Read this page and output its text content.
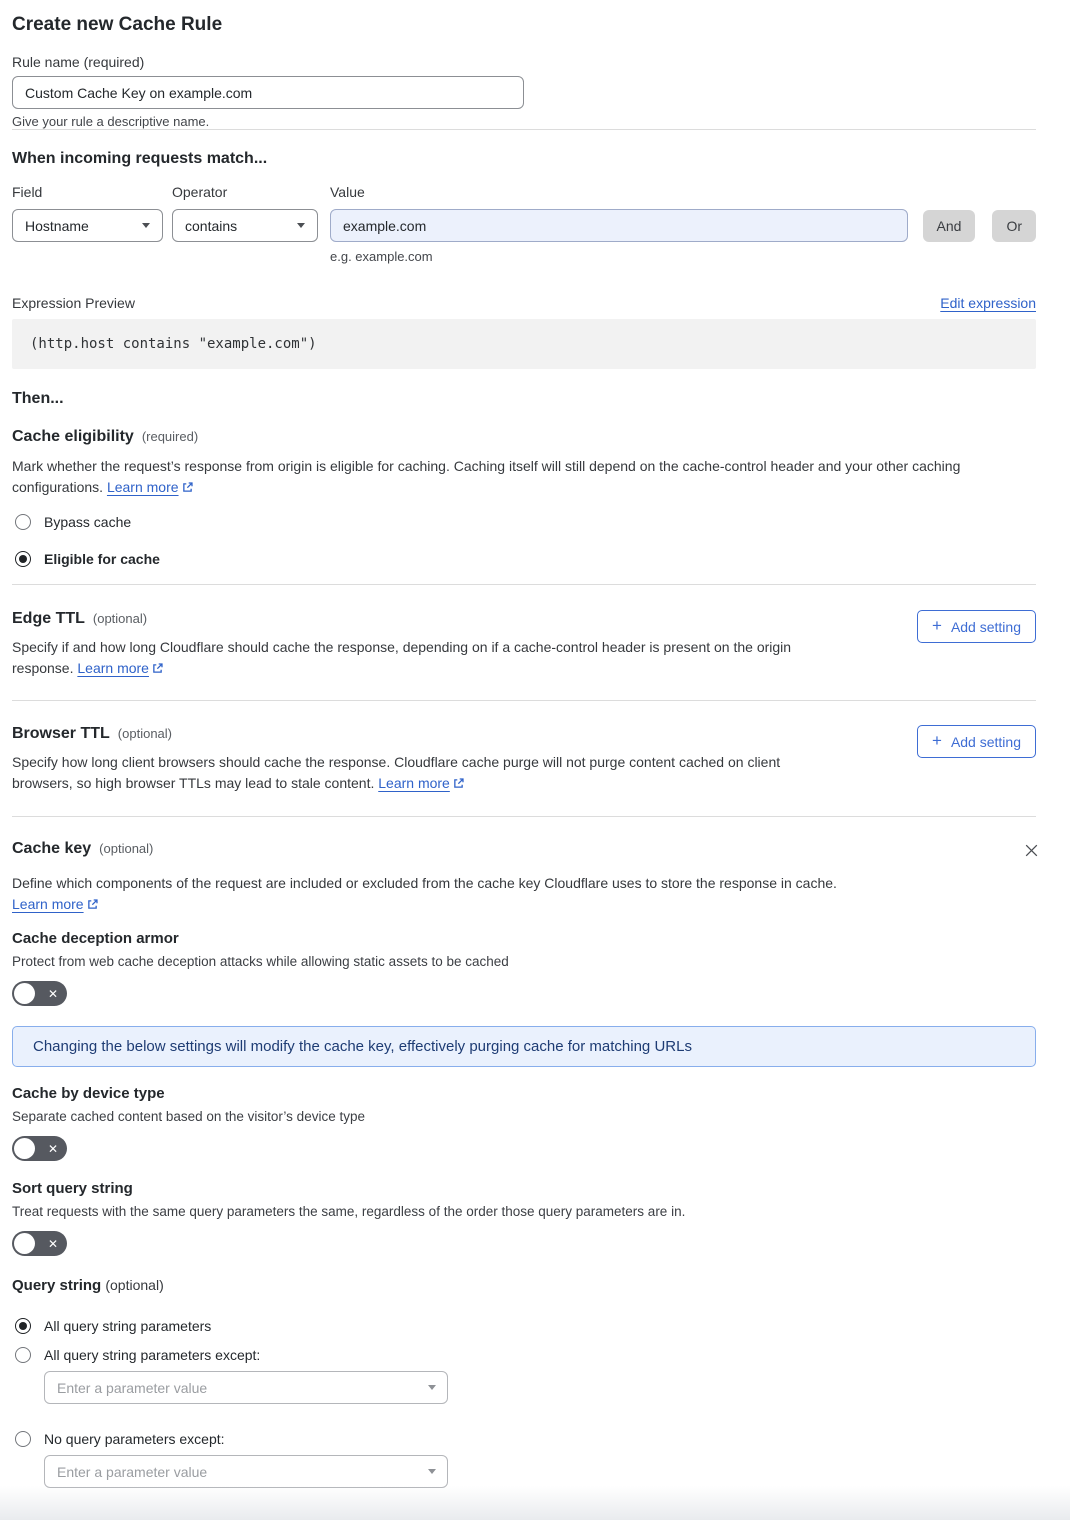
Create new Cache Rule
Rule name (required)
Custom Cache Key on example.com
Give your rule a descriptive name.
When incoming requests match...
Field
Hostname
Operator
contains
Value
example.com
And	Or
e.g. example.com
Expression Preview	Edit expression
(http.host contains "example.com")
Then...
Cache eligibility (required)

Mark whether the request’s response from origin is eligible for caching. Caching itself will still depend on the cache-control header and your other caching configurations. Learn more

Bypass cache
Eligible for cache
Edge TTL (optional)

Specify if and how long Cloudflare should cache the response, depending on if a cache-control header is present on the origin response. Learn more

+ Add setting
Browser TTL (optional)

Specify how long client browsers should cache the response. Cloudflare cache purge will not purge content cached on client browsers, so high browser TTLs may lead to stale content. Learn more

+ Add setting
Cache key (optional)

Define which components of the request are included or excluded from the cache key Cloudflare uses to store the response in cache.
Learn more

Cache deception armor
Protect from web cache deception attacks while allowing static assets to be cached
✕
Changing the below settings will modify the cache key, effectively purging cache for matching URLs
Cache by device type
Separate cached content based on the visitor’s device type
✕
Sort query string
Treat requests with the same query parameters the same, regardless of the order those query parameters are in.
✕
Query string (optional)
All query string parameters
All query string parameters except:
Enter a parameter value
No query parameters except:
Enter a parameter value
